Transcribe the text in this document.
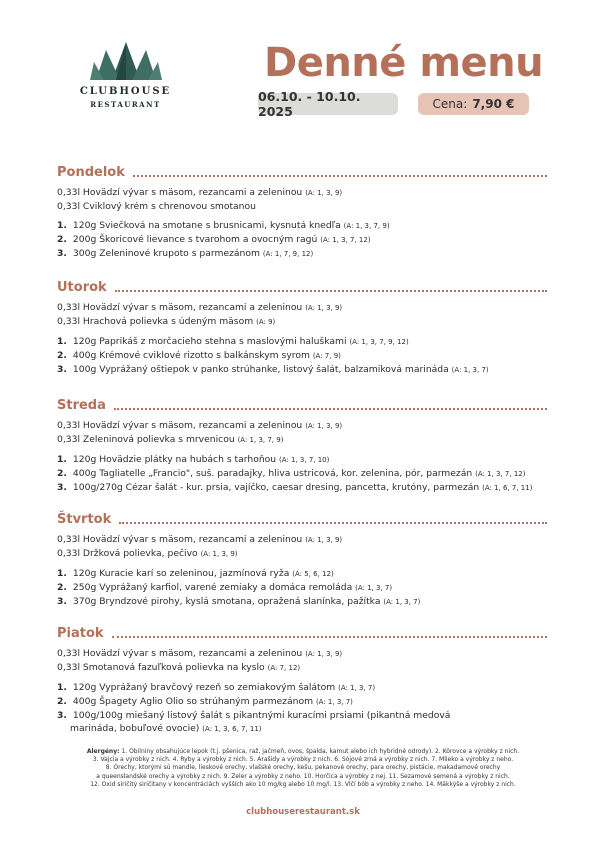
CLUBHOUSE
RESTAURANT
Denné menu
06.10. - 10.10. 2025	Cena: 7,90 €
Pondelok
0,33l Hovädzí vývar s mäsom, rezancami a zeleninou (A: 1, 3, 9)
0,33l Cviklový krém s chrenovou smotanou
1. 120g Sviečková na smotane s brusnicami, kysnutá knedľa (A: 1, 3, 7, 9)
2. 200g Škoricové lievance s tvarohom a ovocným ragú (A: 1, 3, 7, 12)
3. 300g Zeleninové krupoto s parmezánom (A: 1, 7, 9, 12)
Utorok
0,33l Hovädzí vývar s mäsom, rezancami a zeleninou (A: 1, 3, 9)
0,33l Hrachová polievka s údeným mäsom (A: 9)
1. 120g Paprikáš z morčacieho stehna s maslovými haluškami (A: 1, 3, 7, 9, 12)
2. 400g Krémové cviklové rizotto s balkánskym syrom (A: 7, 9)
3. 100g Vyprážaný oštiepok v panko strúhanke, listový šalát, balzamiková marináda (A: 1, 3, 7)
Streda
0,33l Hovädzí vývar s mäsom, rezancami a zeleninou (A: 1, 3, 9)
0,33l Zeleninová polievka s mrvenicou (A: 1, 3, 7, 9)
1. 120g Hovädzie plátky na hubách s tarhoňou (A: 1, 3, 7, 10)
2. 400g Tagliatelle „Francio", suš. paradajky, hliva ustricová, kor. zelenina, pór, parmezán (A: 1, 3, 7, 12)
3. 100g/270g Cézar šalát - kur. prsia, vajíčko, caesar dresing, pancetta, krutóny, parmezán (A: 1, 6, 7, 11)
Štvrtok
0,33l Hovädzí vývar s mäsom, rezancami a zeleninou (A: 1, 3, 9)
0,33l Držková polievka, pečivo (A: 1, 3, 9)
1. 120g Kuracie karí so zeleninou, jazmínová ryža (A: 5, 6, 12)
2. 250g Vyprážaný karfiol, varené zemiaky a domáca remoláda (A: 1, 3, 7)
3. 370g Bryndzové pirohy, kyslá smotana, opražená slanínka, pažítka (A: 1, 3, 7)
Piatok
0,33l Hovädzí vývar s mäsom, rezancami a zeleninou (A: 1, 3, 9)
0,33l Smotanová fazuľková polievka na kyslo (A: 7, 12)
1. 120g Vyprážaný bravčový rezeň so zemiakovým šalátom (A: 1, 3, 7)
2. 400g Špagety Aglio Olio so strúhaným parmezánom (A: 1, 3, 7)
3. 100g/100g miešaný listový šalát s pikantnými kuracími prsiami (pikantná medová
marináda, bobuľové ovocie) (A: 1, 3, 6, 7, 11)
Alergény: 1. Obilniny obsahujúce lepok (t.j. pšenica, raž, jačmeň, ovos, špalda, kamut alebo ich hybridné odrody). 2. Kôrovce a výrobky z nich.
3. Vajcia a výrobky z nich. 4. Ryby a výrobky z nich. 5. Arašidy a výrobky z nich. 6. Sójové zrná a výrobky z nich. 7. Mlieko a výrobky z neho.
8. Orechy, ktorými sú mandle, lieskové orechy, vlašské orechy, kešu, pekanové orechy, para orechy, pistácie, makadamové orechy
a queenslandské orechy a výrobky z nich. 9. Zeler a výrobky z neho. 10. Horčica a výrobky z nej. 11. Sezamové semená a výrobky z nich.
12. Oxid siričitý siričitany v koncentráciách vyšších ako 10 mg/kg alebo 10 mg/l. 13. Vlčí bôb a výrobky z neho. 14. Mäkkýše a výrobky z nich.
clubhouserestaurant.sk
